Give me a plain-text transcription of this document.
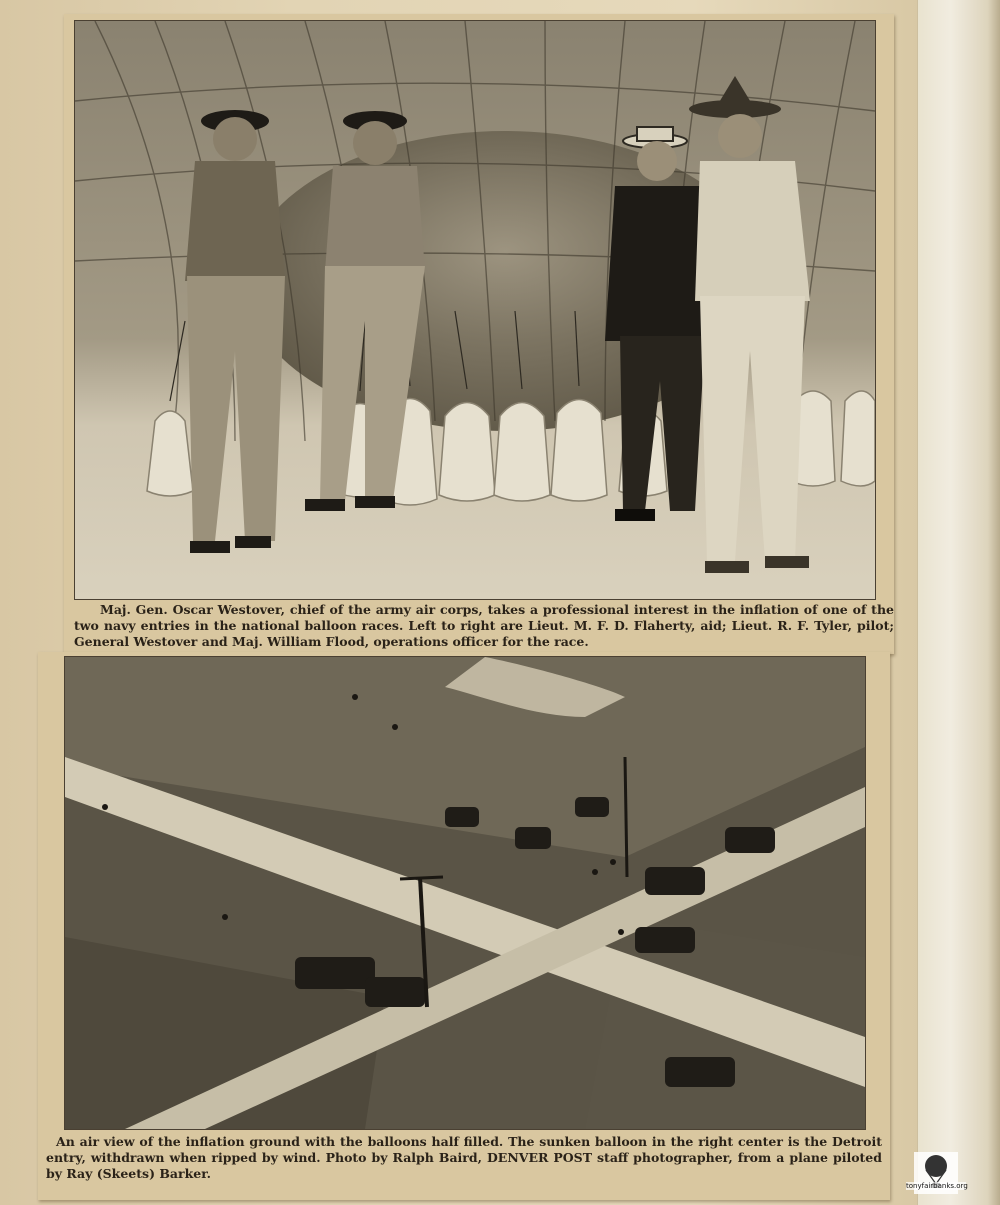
Maj. Gen. Oscar Westover, chief of the army air corps, takes a professional interest in the inflation of one of the two navy entries in the national balloon races. Left to right are Lieut. M. F. D. Flaherty, aid; Lieut. R. F. Tyler, pilot; General Westover and Maj. William Flood, operations officer for the race.
An air view of the inflation ground with the balloons half filled. The sunken balloon in the right center is the Detroit entry, withdrawn when ripped by wind. Photo by Ralph Baird, DENVER POST staff photographer, from a plane piloted by Ray (Skeets) Barker.
tonyfairbanks.org
